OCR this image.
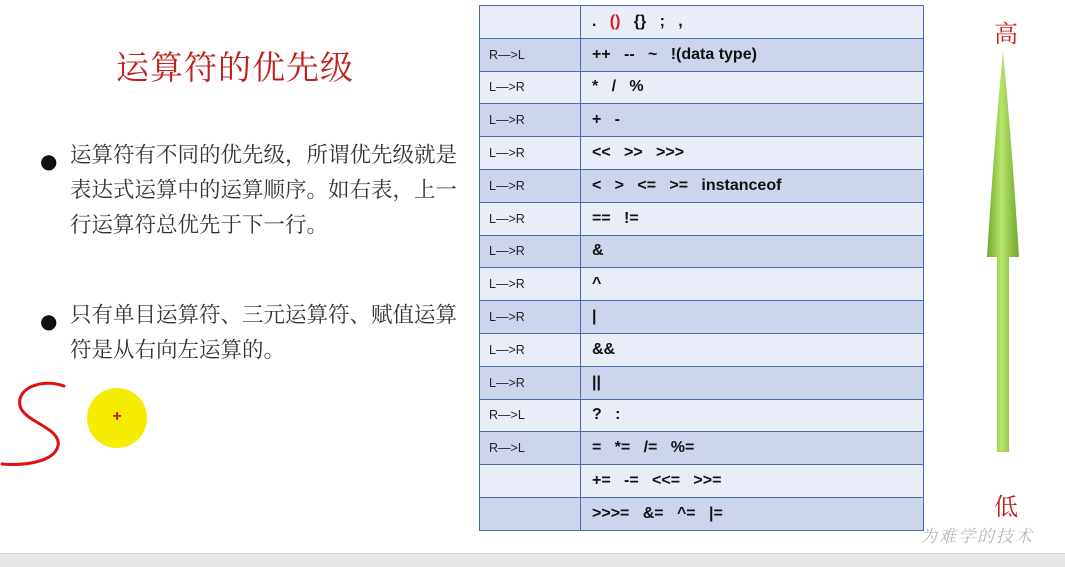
运算符的优先级
● 运算符有不同的优先级，所谓优先级就是表达式运算中的运算顺序。如右表，上一行运算符总优先于下一行。
● 只有单目运算符、三元运算符、赋值运算符是从右向左运算的。
+
	. () {} ; ,
R—>L	++   --   ~   !(data type)
L—>R	*   /   %
L—>R	+   -
L—>R	<<   >>   >>>
L—>R	<   >   <=   >=   instanceof
L—>R	==   !=
L—>R	&
L—>R	^
L—>R	|
L—>R	&&
L—>R	||
R—>L	?   :
R—>L	=   *=   /=   %=
	+=   -=   <<=   >>=
	>>>=   &=   ^=   |=
高
低
为难学的技术
